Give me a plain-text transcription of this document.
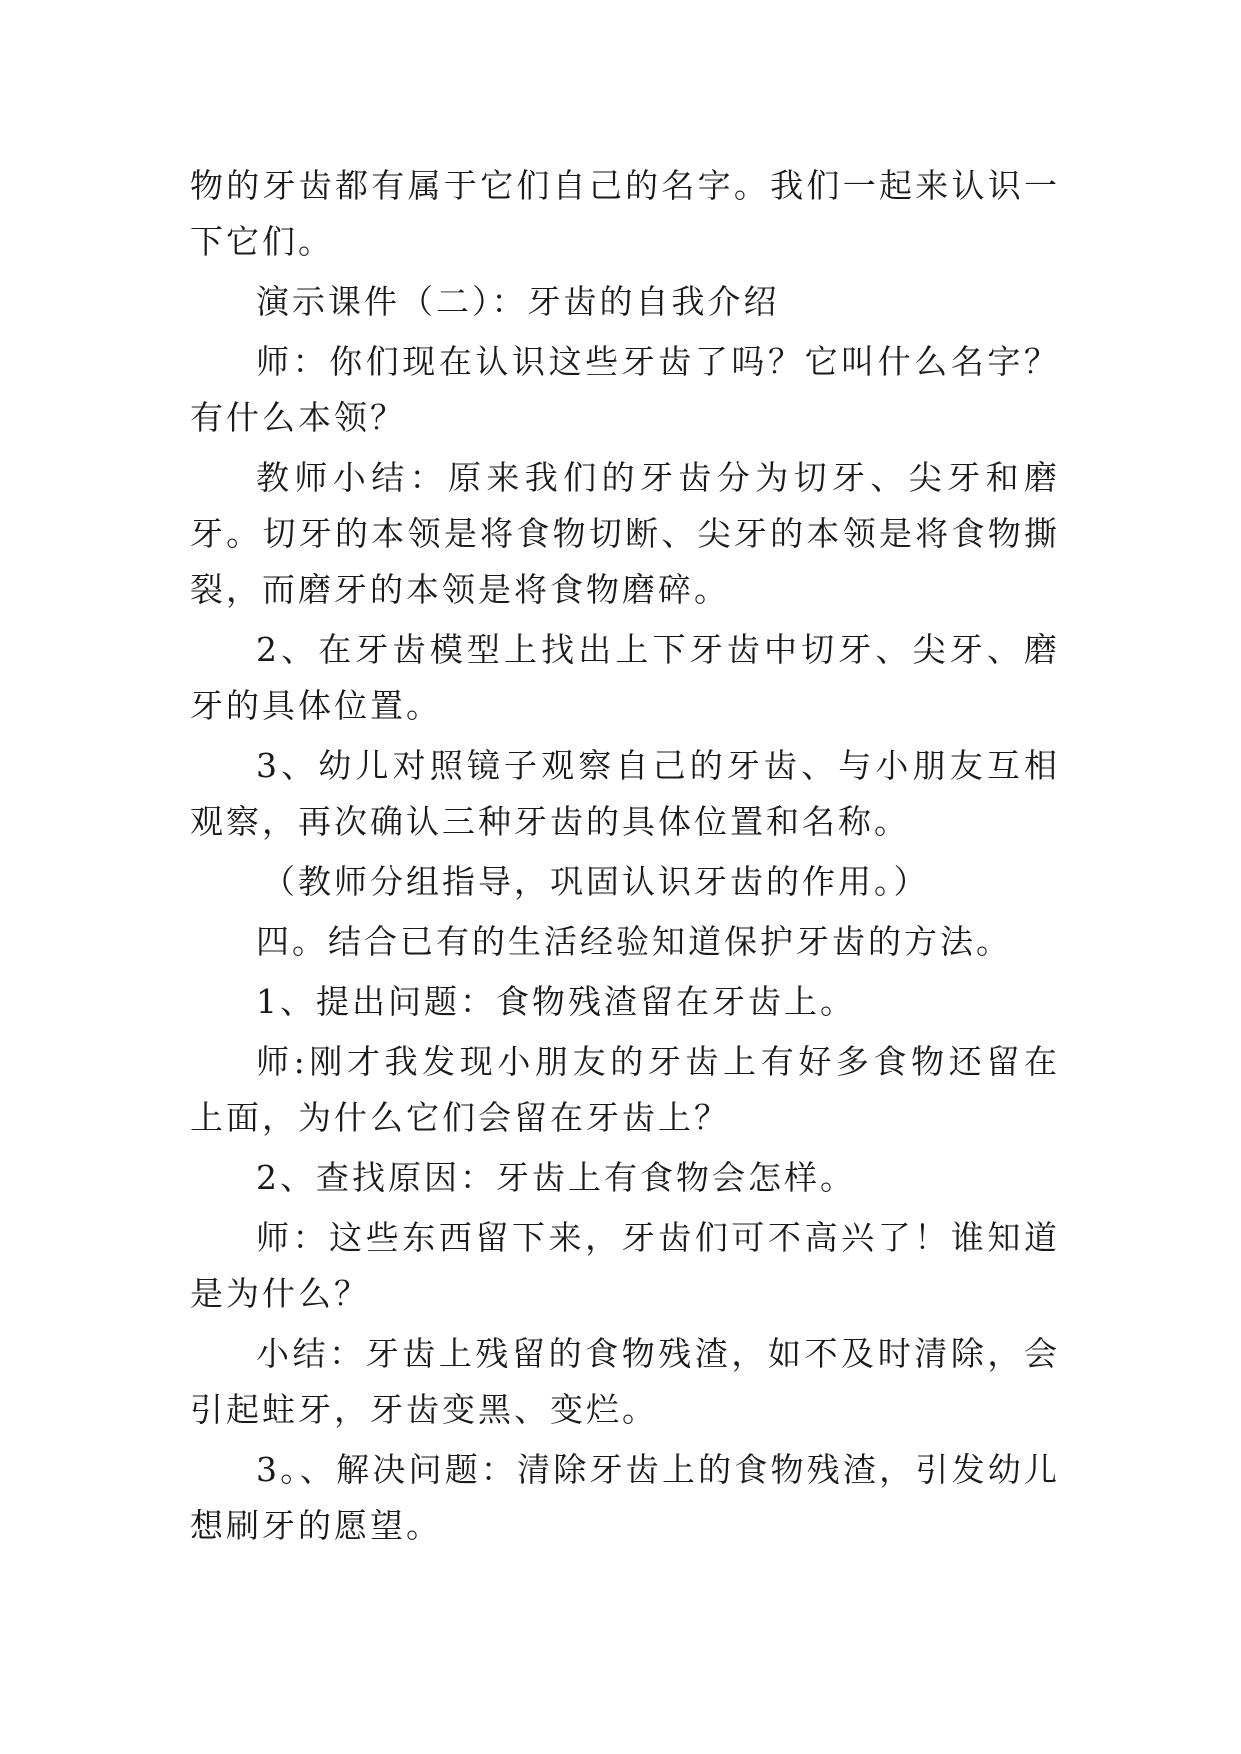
物的牙齿都有属于它们自己的名字。我们一起来认识一下它们。

演示课件（二）：牙齿的自我介绍

师：你们现在认识这些牙齿了吗？它叫什么名字？有什么本领？

教师小结：原来我们的牙齿分为切牙、尖牙和磨牙。切牙的本领是将食物切断、尖牙的本领是将食物撕裂，而磨牙的本领是将食物磨碎。

2、在牙齿模型上找出上下牙齿中切牙、尖牙、磨牙的具体位置。

3、幼儿对照镜子观察自己的牙齿、与小朋友互相观察，再次确认三种牙齿的具体位置和名称。

（教师分组指导，巩固认识牙齿的作用。）

四。结合已有的生活经验知道保护牙齿的方法。

1、提出问题：食物残渣留在牙齿上。

师:刚才我发现小朋友的牙齿上有好多食物还留在上面，为什么它们会留在牙齿上？

2、查找原因：牙齿上有食物会怎样。

师：这些东西留下来，牙齿们可不高兴了！谁知道是为什么？

小结：牙齿上残留的食物残渣，如不及时清除，会引起蛀牙，牙齿变黑、变烂。

3。、解决问题：清除牙齿上的食物残渣，引发幼儿想刷牙的愿望。
